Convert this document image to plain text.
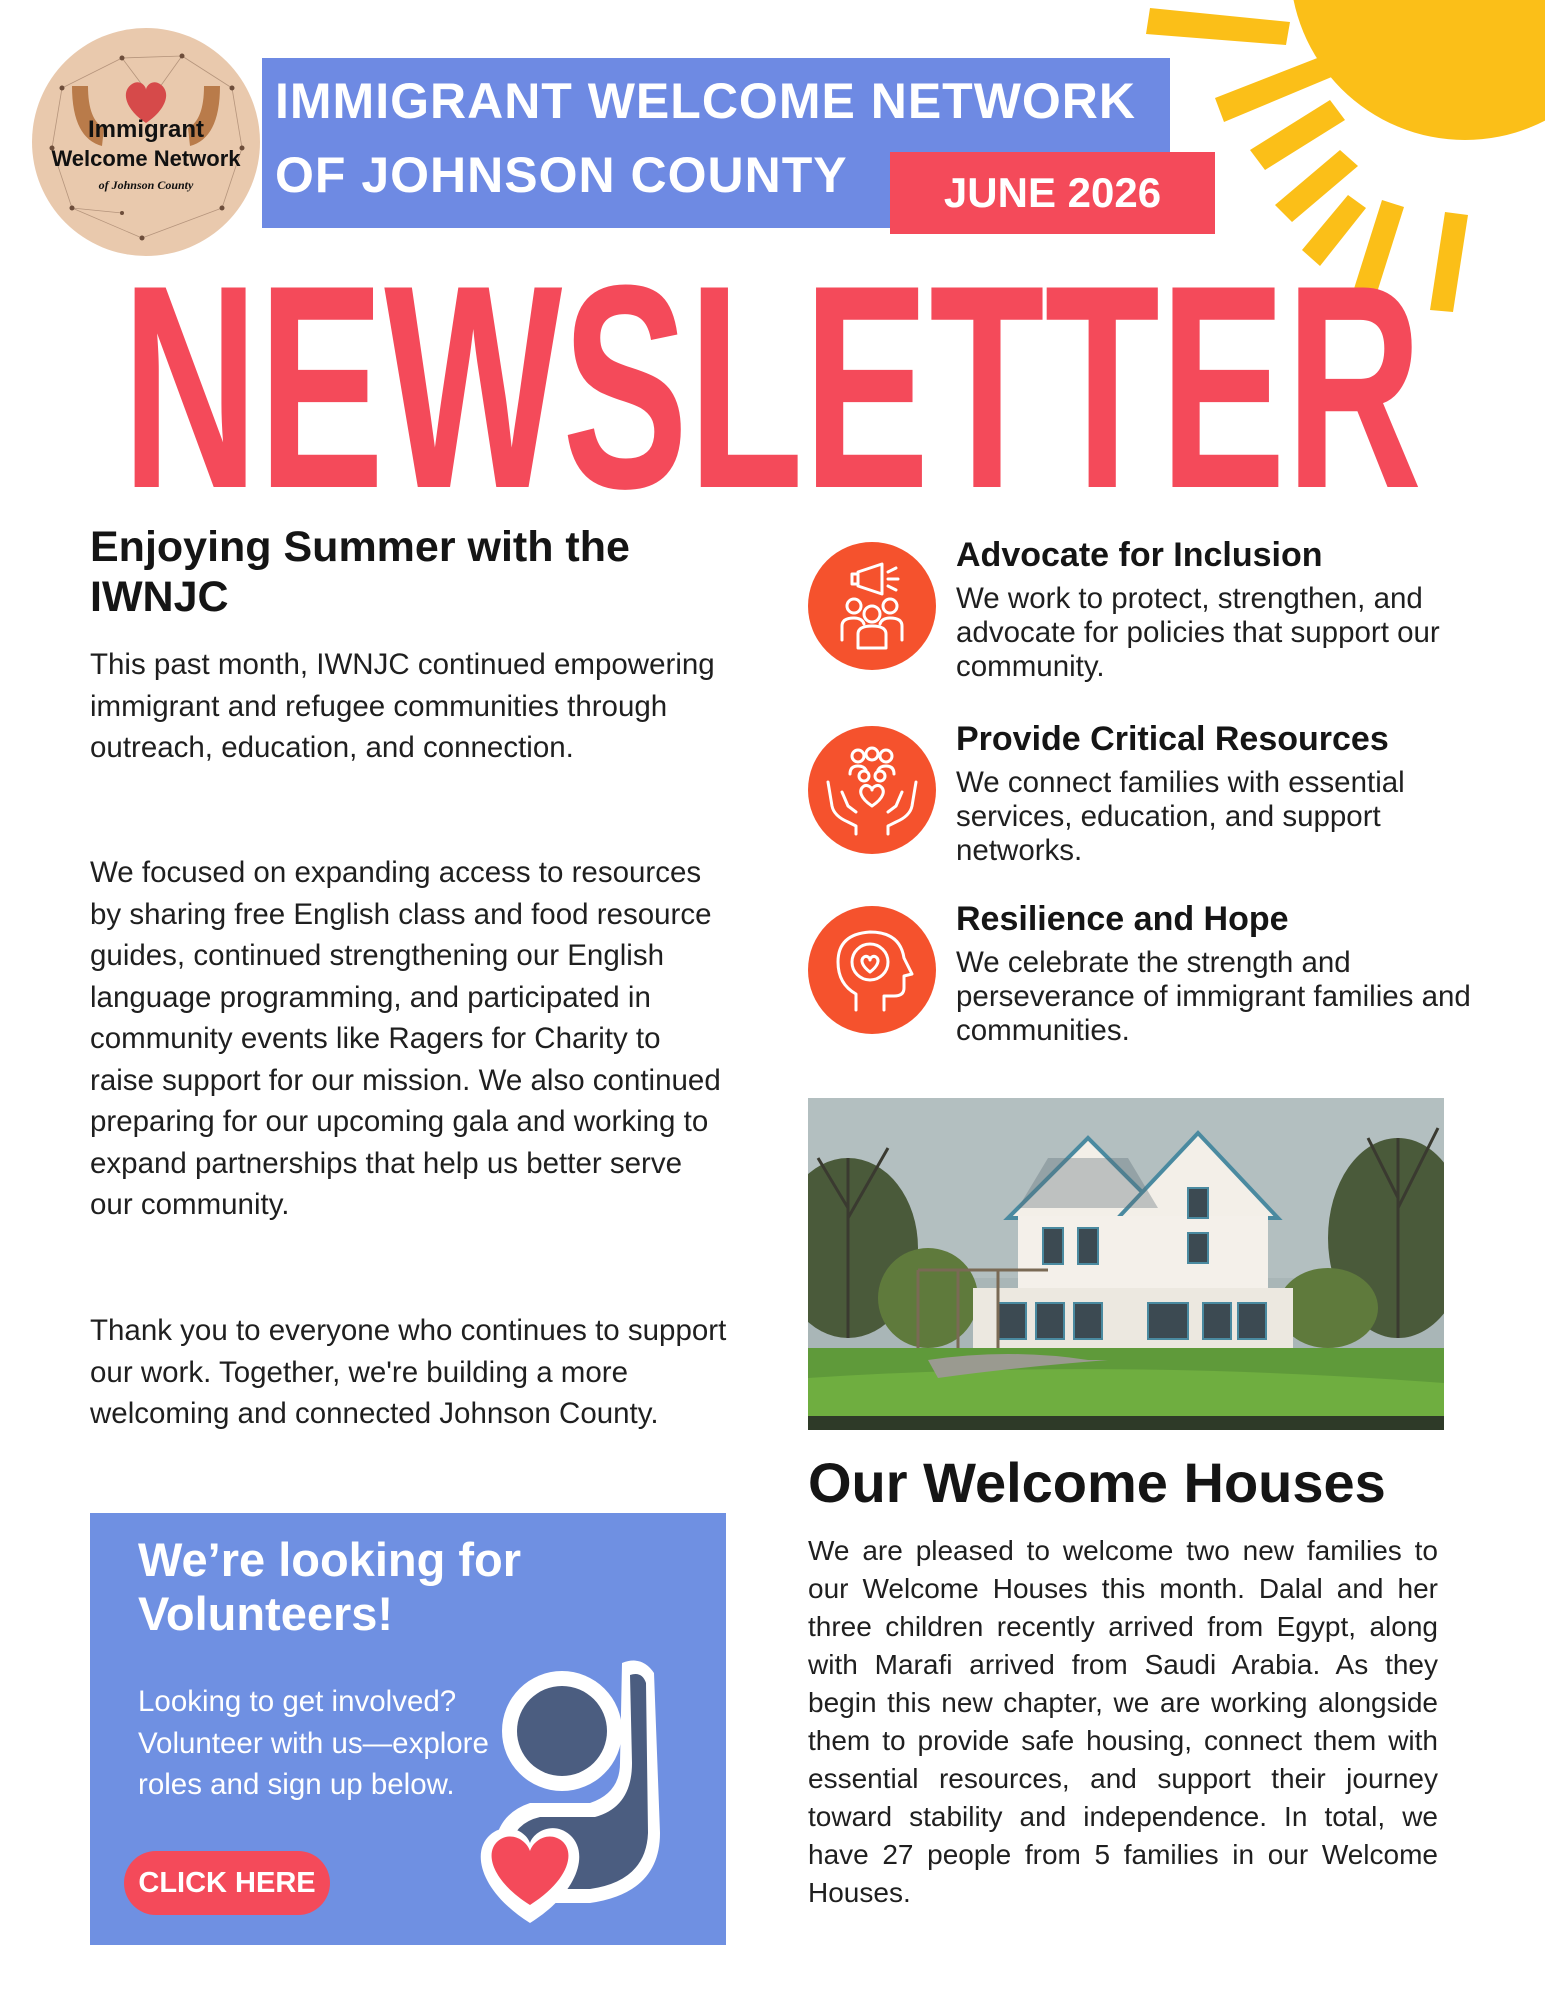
Immigrant
Welcome Network
of Johnson County
IMMIGRANT WELCOME NETWORK
OF JOHNSON COUNTY	JUNE 2026
NEWSLETTER
Enjoying Summer with the IWNJC
This past month, IWNJC continued empowering immigrant and refugee communities through outreach, education, and connection.
We focused on expanding access to resources by sharing free English class and food resource guides, continued strengthening our English language programming, and participated in community events like Ragers for Charity to raise support for our mission. We also continued preparing for our upcoming gala and working to expand partnerships that help us better serve our community.
Thank you to everyone who continues to support our work. Together, we're building a more welcoming and connected Johnson County.
We’re looking for Volunteers!
Looking to get involved? Volunteer with us—explore roles and sign up below.
CLICK HERE
Advocate for Inclusion
We work to protect, strengthen, and advocate for policies that support our community.
Provide Critical Resources
We connect families with essential services, education, and support networks.
Resilience and Hope
We celebrate the strength and perseverance of immigrant families and communities.
Our Welcome Houses
We are pleased to welcome two new families to our Welcome Houses this month. Dalal and her three children recently arrived from Egypt, along with Marafi arrived from Saudi Arabia. As they begin this new chapter, we are working alongside them to provide safe housing, connect them with essential resources, and support their journey toward stability and independence. In total, we have 27 people from 5 families in our Welcome Houses.
